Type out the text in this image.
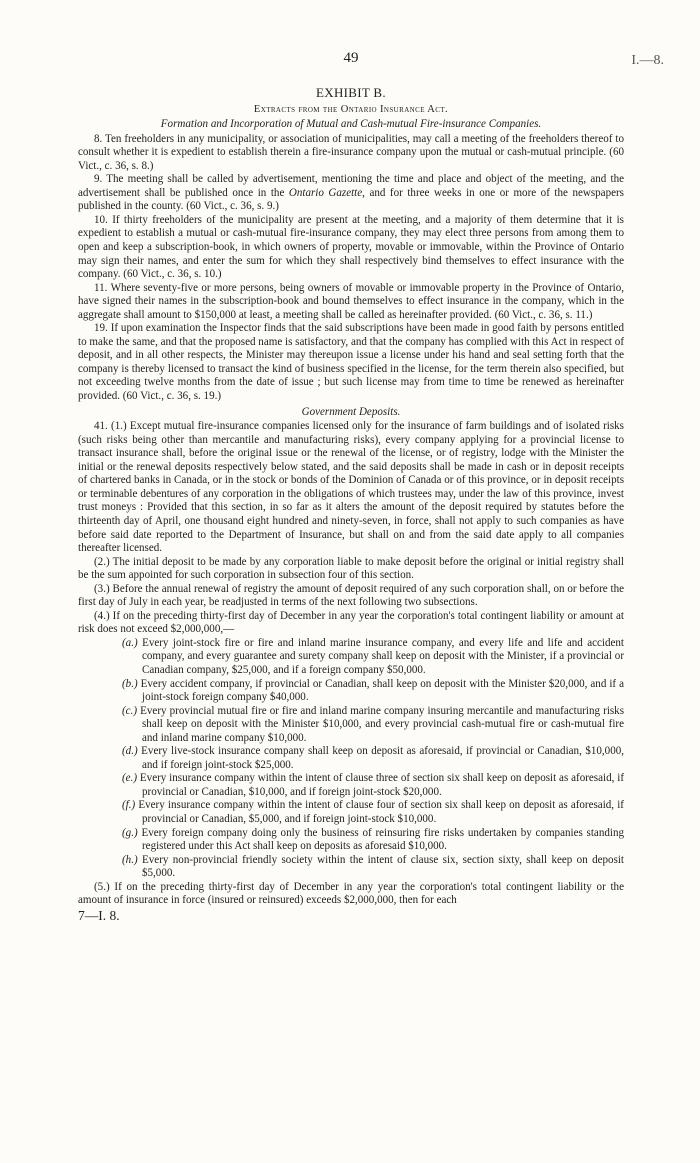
49	I.—8.
EXHIBIT B.
Extracts from the Ontario Insurance Act.
Formation and Incorporation of Mutual and Cash-mutual Fire-insurance Companies.

8. Ten freeholders in any municipality, or association of municipalities, may call a meeting of the freeholders thereof to consult whether it is expedient to establish therein a fire-insurance company upon the mutual or cash-mutual principle. (60 Vict., c. 36, s. 8.)

9. The meeting shall be called by advertisement, mentioning the time and place and object of the meeting, and the advertisement shall be published once in the Ontario Gazette, and for three weeks in one or more of the newspapers published in the county. (60 Vict., c. 36, s. 9.)

10. If thirty freeholders of the municipality are present at the meeting, and a majority of them determine that it is expedient to establish a mutual or cash-mutual fire-insurance company, they may elect three persons from among them to open and keep a subscription-book, in which owners of property, movable or immovable, within the Province of Ontario may sign their names, and enter the sum for which they shall respectively bind themselves to effect insurance with the company. (60 Vict., c. 36, s. 10.)

11. Where seventy-five or more persons, being owners of movable or immovable property in the Province of Ontario, have signed their names in the subscription-book and bound themselves to effect insurance in the company, which in the aggregate shall amount to $150,000 at least, a meeting shall be called as hereinafter provided. (60 Vict., c. 36, s. 11.)

19. If upon examination the Inspector finds that the said subscriptions have been made in good faith by persons entitled to make the same, and that the proposed name is satisfactory, and that the company has complied with this Act in respect of deposit, and in all other respects, the Minister may thereupon issue a license under his hand and seal setting forth that the company is thereby licensed to transact the kind of business specified in the license, for the term therein also specified, but not exceeding twelve months from the date of issue ; but such license may from time to time be renewed as hereinafter provided. (60 Vict., c. 36, s. 19.)

Government Deposits.

41. (1.) Except mutual fire-insurance companies licensed only for the insurance of farm buildings and of isolated risks (such risks being other than mercantile and manufacturing risks), every company applying for a provincial license to transact insurance shall, before the original issue or the renewal of the license, or of registry, lodge with the Minister the initial or the renewal deposits respectively below stated, and the said deposits shall be made in cash or in deposit receipts of chartered banks in Canada, or in the stock or bonds of the Dominion of Canada or of this province, or in deposit receipts or terminable debentures of any corporation in the obligations of which trustees may, under the law of this province, invest trust moneys : Provided that this section, in so far as it alters the amount of the deposit required by statutes before the thirteenth day of April, one thousand eight hundred and ninety-seven, in force, shall not apply to such companies as have before said date reported to the Department of Insurance, but shall on and from the said date apply to all companies thereafter licensed.

(2.) The initial deposit to be made by any corporation liable to make deposit before the original or initial registry shall be the sum appointed for such corporation in subsection four of this section.

(3.) Before the annual renewal of registry the amount of deposit required of any such corporation shall, on or before the first day of July in each year, be readjusted in terms of the next following two subsections.

(4.) If on the preceding thirty-first day of December in any year the corporation's total contingent liability or amount at risk does not exceed $2,000,000,—

(a.) Every joint-stock fire or fire and inland marine insurance company, and every life and life and accident company, and every guarantee and surety company shall keep on deposit with the Minister, if a provincial or Canadian company, $25,000, and if a foreign company $50,000.
(b.) Every accident company, if provincial or Canadian, shall keep on deposit with the Minister $20,000, and if a joint-stock foreign company $40,000.
(c.) Every provincial mutual fire or fire and inland marine company insuring mercantile and manufacturing risks shall keep on deposit with the Minister $10,000, and every provincial cash-mutual fire or cash-mutual fire and inland marine company $10,000.
(d.) Every live-stock insurance company shall keep on deposit as aforesaid, if provincial or Canadian, $10,000, and if foreign joint-stock $25,000.
(e.) Every insurance company within the intent of clause three of section six shall keep on deposit as aforesaid, if provincial or Canadian, $10,000, and if foreign joint-stock $20,000.
(f.) Every insurance company within the intent of clause four of section six shall keep on deposit as aforesaid, if provincial or Canadian, $5,000, and if foreign joint-stock $10,000.
(g.) Every foreign company doing only the business of reinsuring fire risks undertaken by companies standing registered under this Act shall keep on deposits as aforesaid $10,000.
(h.) Every non-provincial friendly society within the intent of clause six, section sixty, shall keep on deposit $5,000.

(5.) If on the preceding thirty-first day of December in any year the corporation's total contingent liability or the amount of insurance in force (insured or reinsured) exceeds $2,000,000, then for each

7—I. 8.
